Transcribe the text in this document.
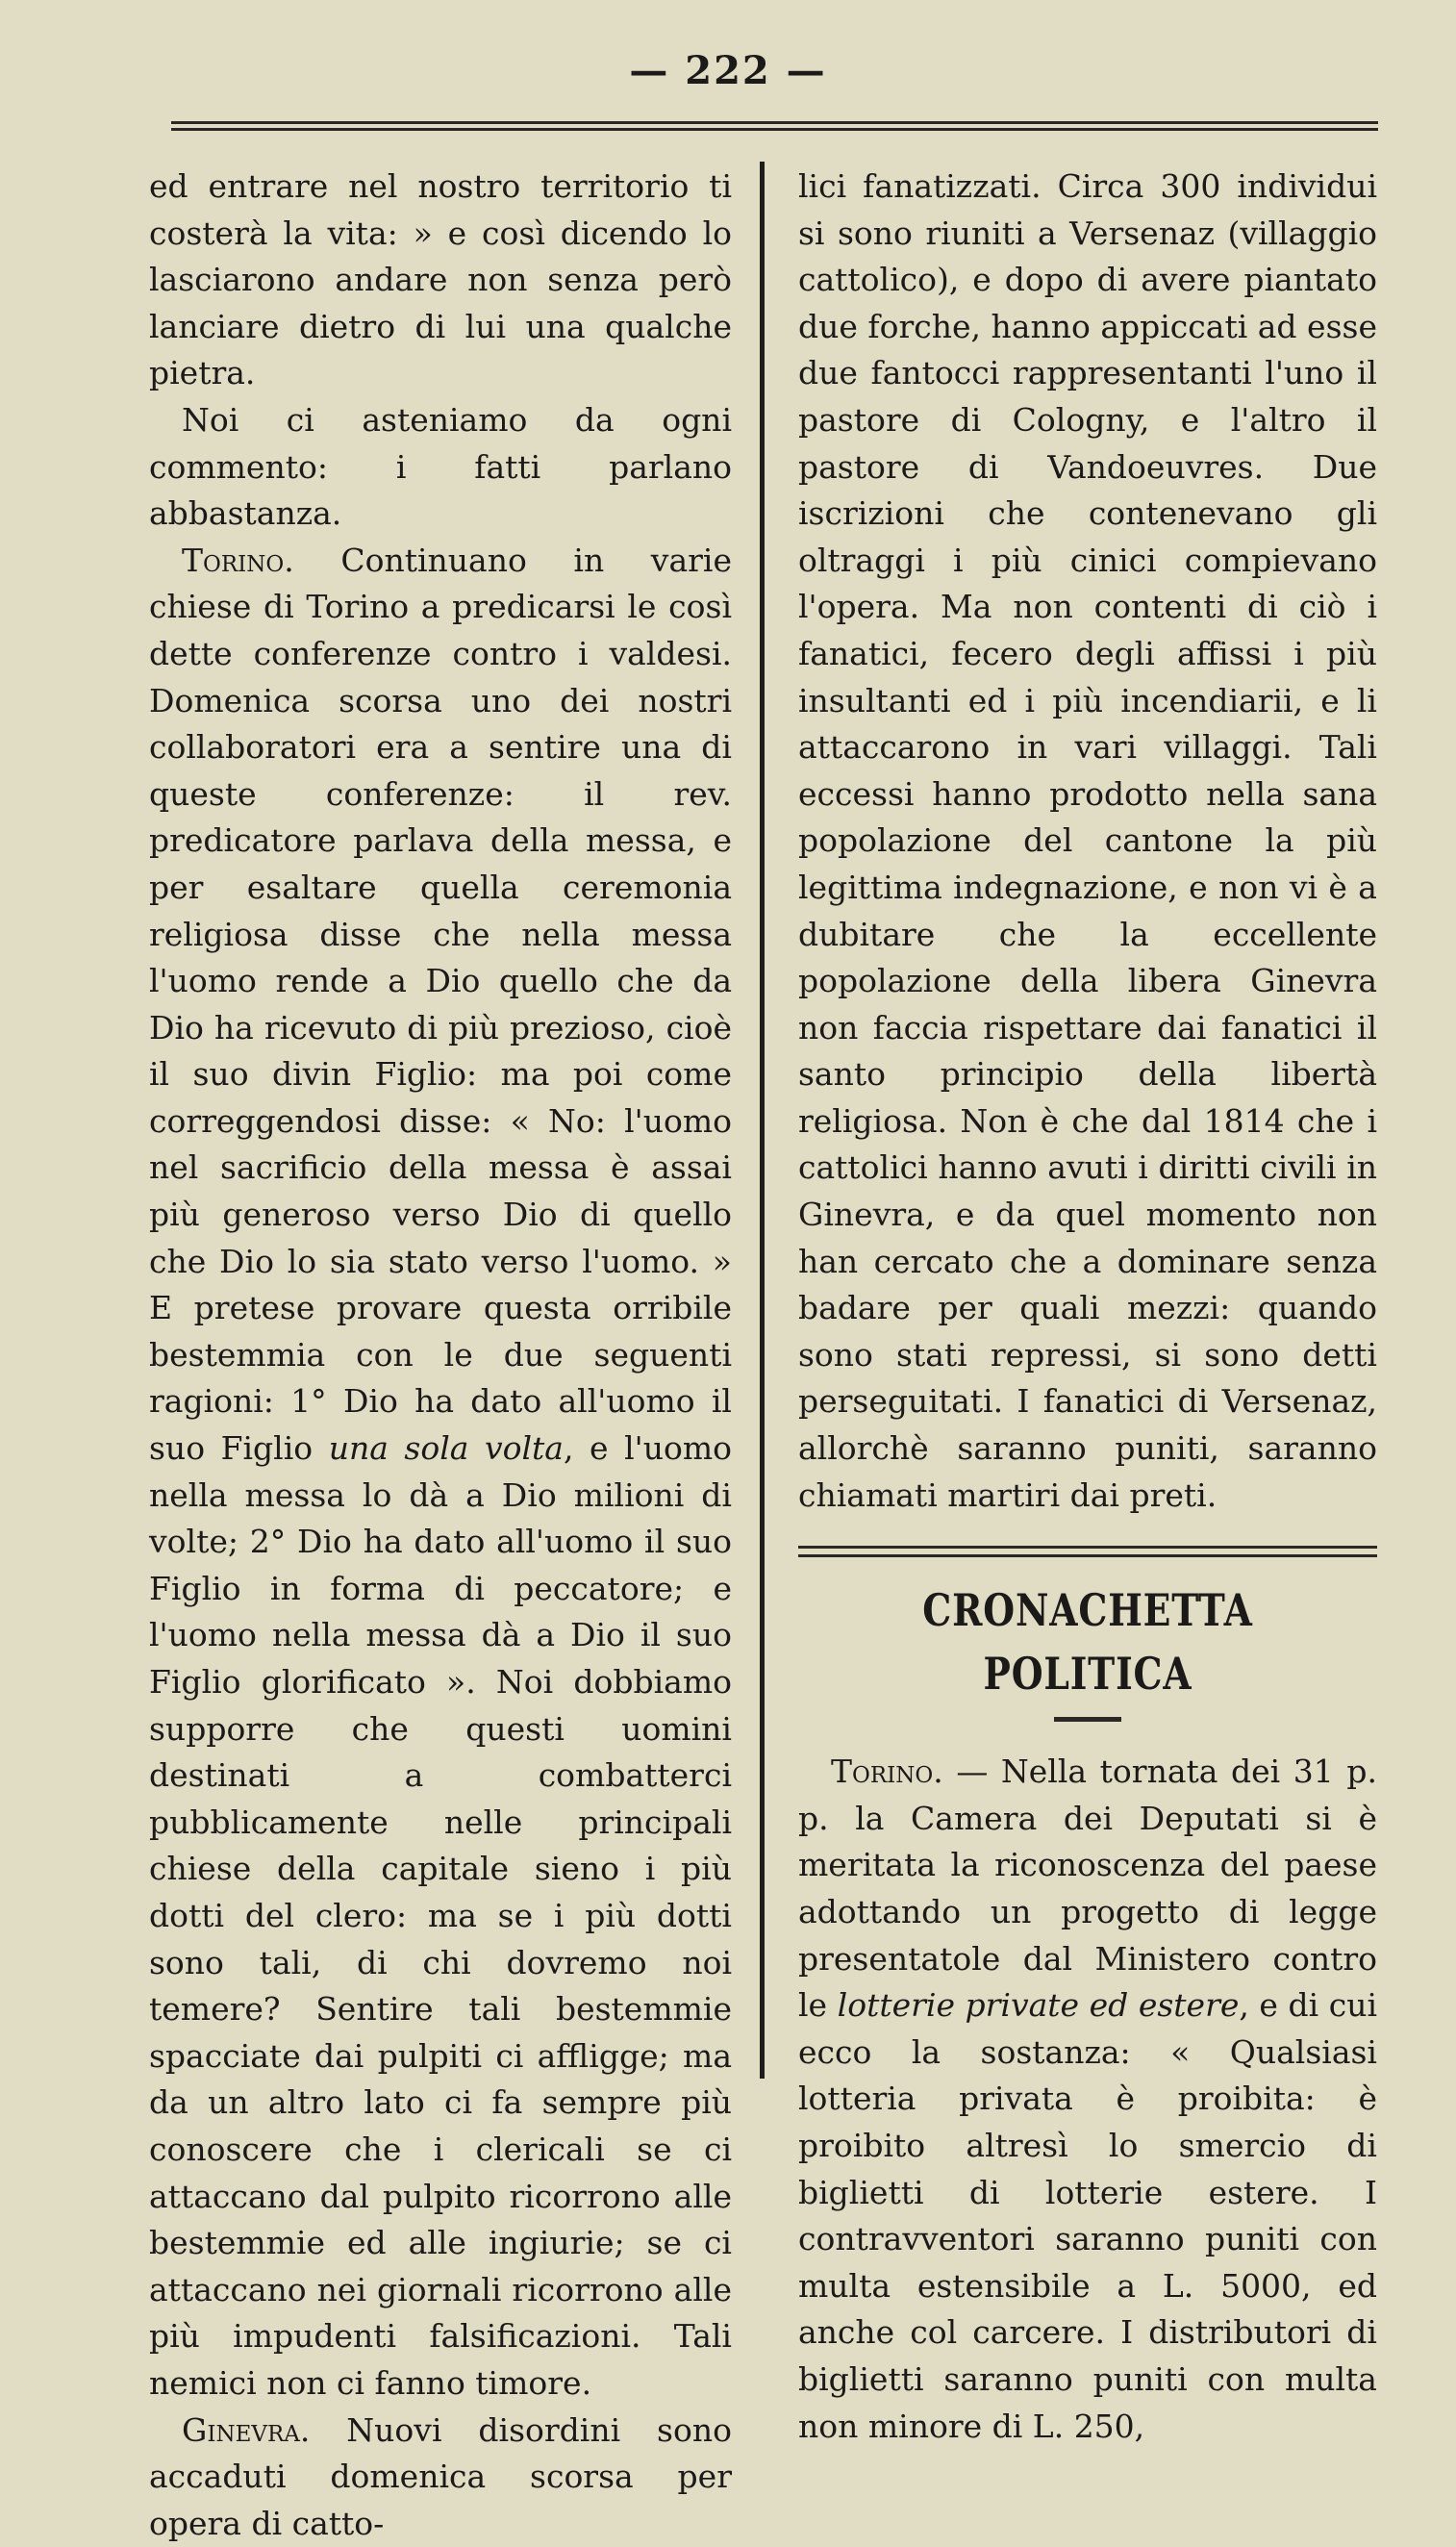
— 222 —

ed entrare nel nostro territorio ti costerà la vita: » e così dicendo lo lasciarono andare non senza però lanciare dietro di lui una qualche pietra.

Noi ci asteniamo da ogni commento: i fatti parlano abbastanza.

Torino. Continuano in varie chiese di Torino a predicarsi le così dette conferenze contro i valdesi. Domenica scorsa uno dei nostri collaboratori era a sentire una di queste conferenze: il rev. predicatore parlava della messa, e per esaltare quella ceremonia religiosa disse che nella messa l'uomo rende a Dio quello che da Dio ha ricevuto di più prezioso, cioè il suo divin Figlio: ma poi come correggendosi disse: « No: l'uomo nel sacrificio della messa è assai più generoso verso Dio di quello che Dio lo sia stato verso l'uomo. » E pretese provare questa orribile bestemmia con le due seguenti ragioni: 1° Dio ha dato all'uomo il suo Figlio una sola volta, e l'uomo nella messa lo dà a Dio milioni di volte; 2° Dio ha dato all'uomo il suo Figlio in forma di peccatore; e l'uomo nella messa dà a Dio il suo Figlio glorificato ». Noi dobbiamo supporre che questi uomini destinati a combatterci pubblicamente nelle principali chiese della capitale sieno i più dotti del clero: ma se i più dotti sono tali, di chi dovremo noi temere? Sentire tali bestemmie spacciate dai pulpiti ci affligge; ma da un altro lato ci fa sempre più conoscere che i clericali se ci attaccano dal pulpito ricorrono alle bestemmie ed alle ingiurie; se ci attaccano nei giornali ricorrono alle più impudenti falsificazioni. Tali nemici non ci fanno timore.

Ginevra. Nuovi disordini sono accaduti domenica scorsa per opera di catto-

lici fanatizzati. Circa 300 individui si sono riuniti a Versenaz (villaggio cattolico), e dopo di avere piantato due forche, hanno appiccati ad esse due fantocci rappresentanti l'uno il pastore di Cologny, e l'altro il pastore di Vandoeuvres. Due iscrizioni che contenevano gli oltraggi i più cinici compievano l'opera. Ma non contenti di ciò i fanatici, fecero degli affissi i più insultanti ed i più incendiarii, e li attaccarono in vari villaggi. Tali eccessi hanno prodotto nella sana popolazione del cantone la più legittima indegnazione, e non vi è a dubitare che la eccellente popolazione della libera Ginevra non faccia rispettare dai fanatici il santo principio della libertà religiosa. Non è che dal 1814 che i cattolici hanno avuti i diritti civili in Ginevra, e da quel momento non han cercato che a dominare senza badare per quali mezzi: quando sono stati repressi, si sono detti perseguitati. I fanatici di Versenaz, allorchè saranno puniti, saranno chiamati martiri dai preti.

CRONACHETTA POLITICA

Torino. — Nella tornata dei 31 p. p. la Camera dei Deputati si è meritata la riconoscenza del paese adottando un progetto di legge presentatole dal Ministero contro le lotterie private ed estere, e di cui ecco la sostanza: « Qualsiasi lotteria privata è proibita: è proibito altresì lo smercio di biglietti di lotterie estere. I contravventori saranno puniti con multa estensibile a L. 5000, ed anche col carcere. I distributori di biglietti saranno puniti con multa non minore di L. 250,
